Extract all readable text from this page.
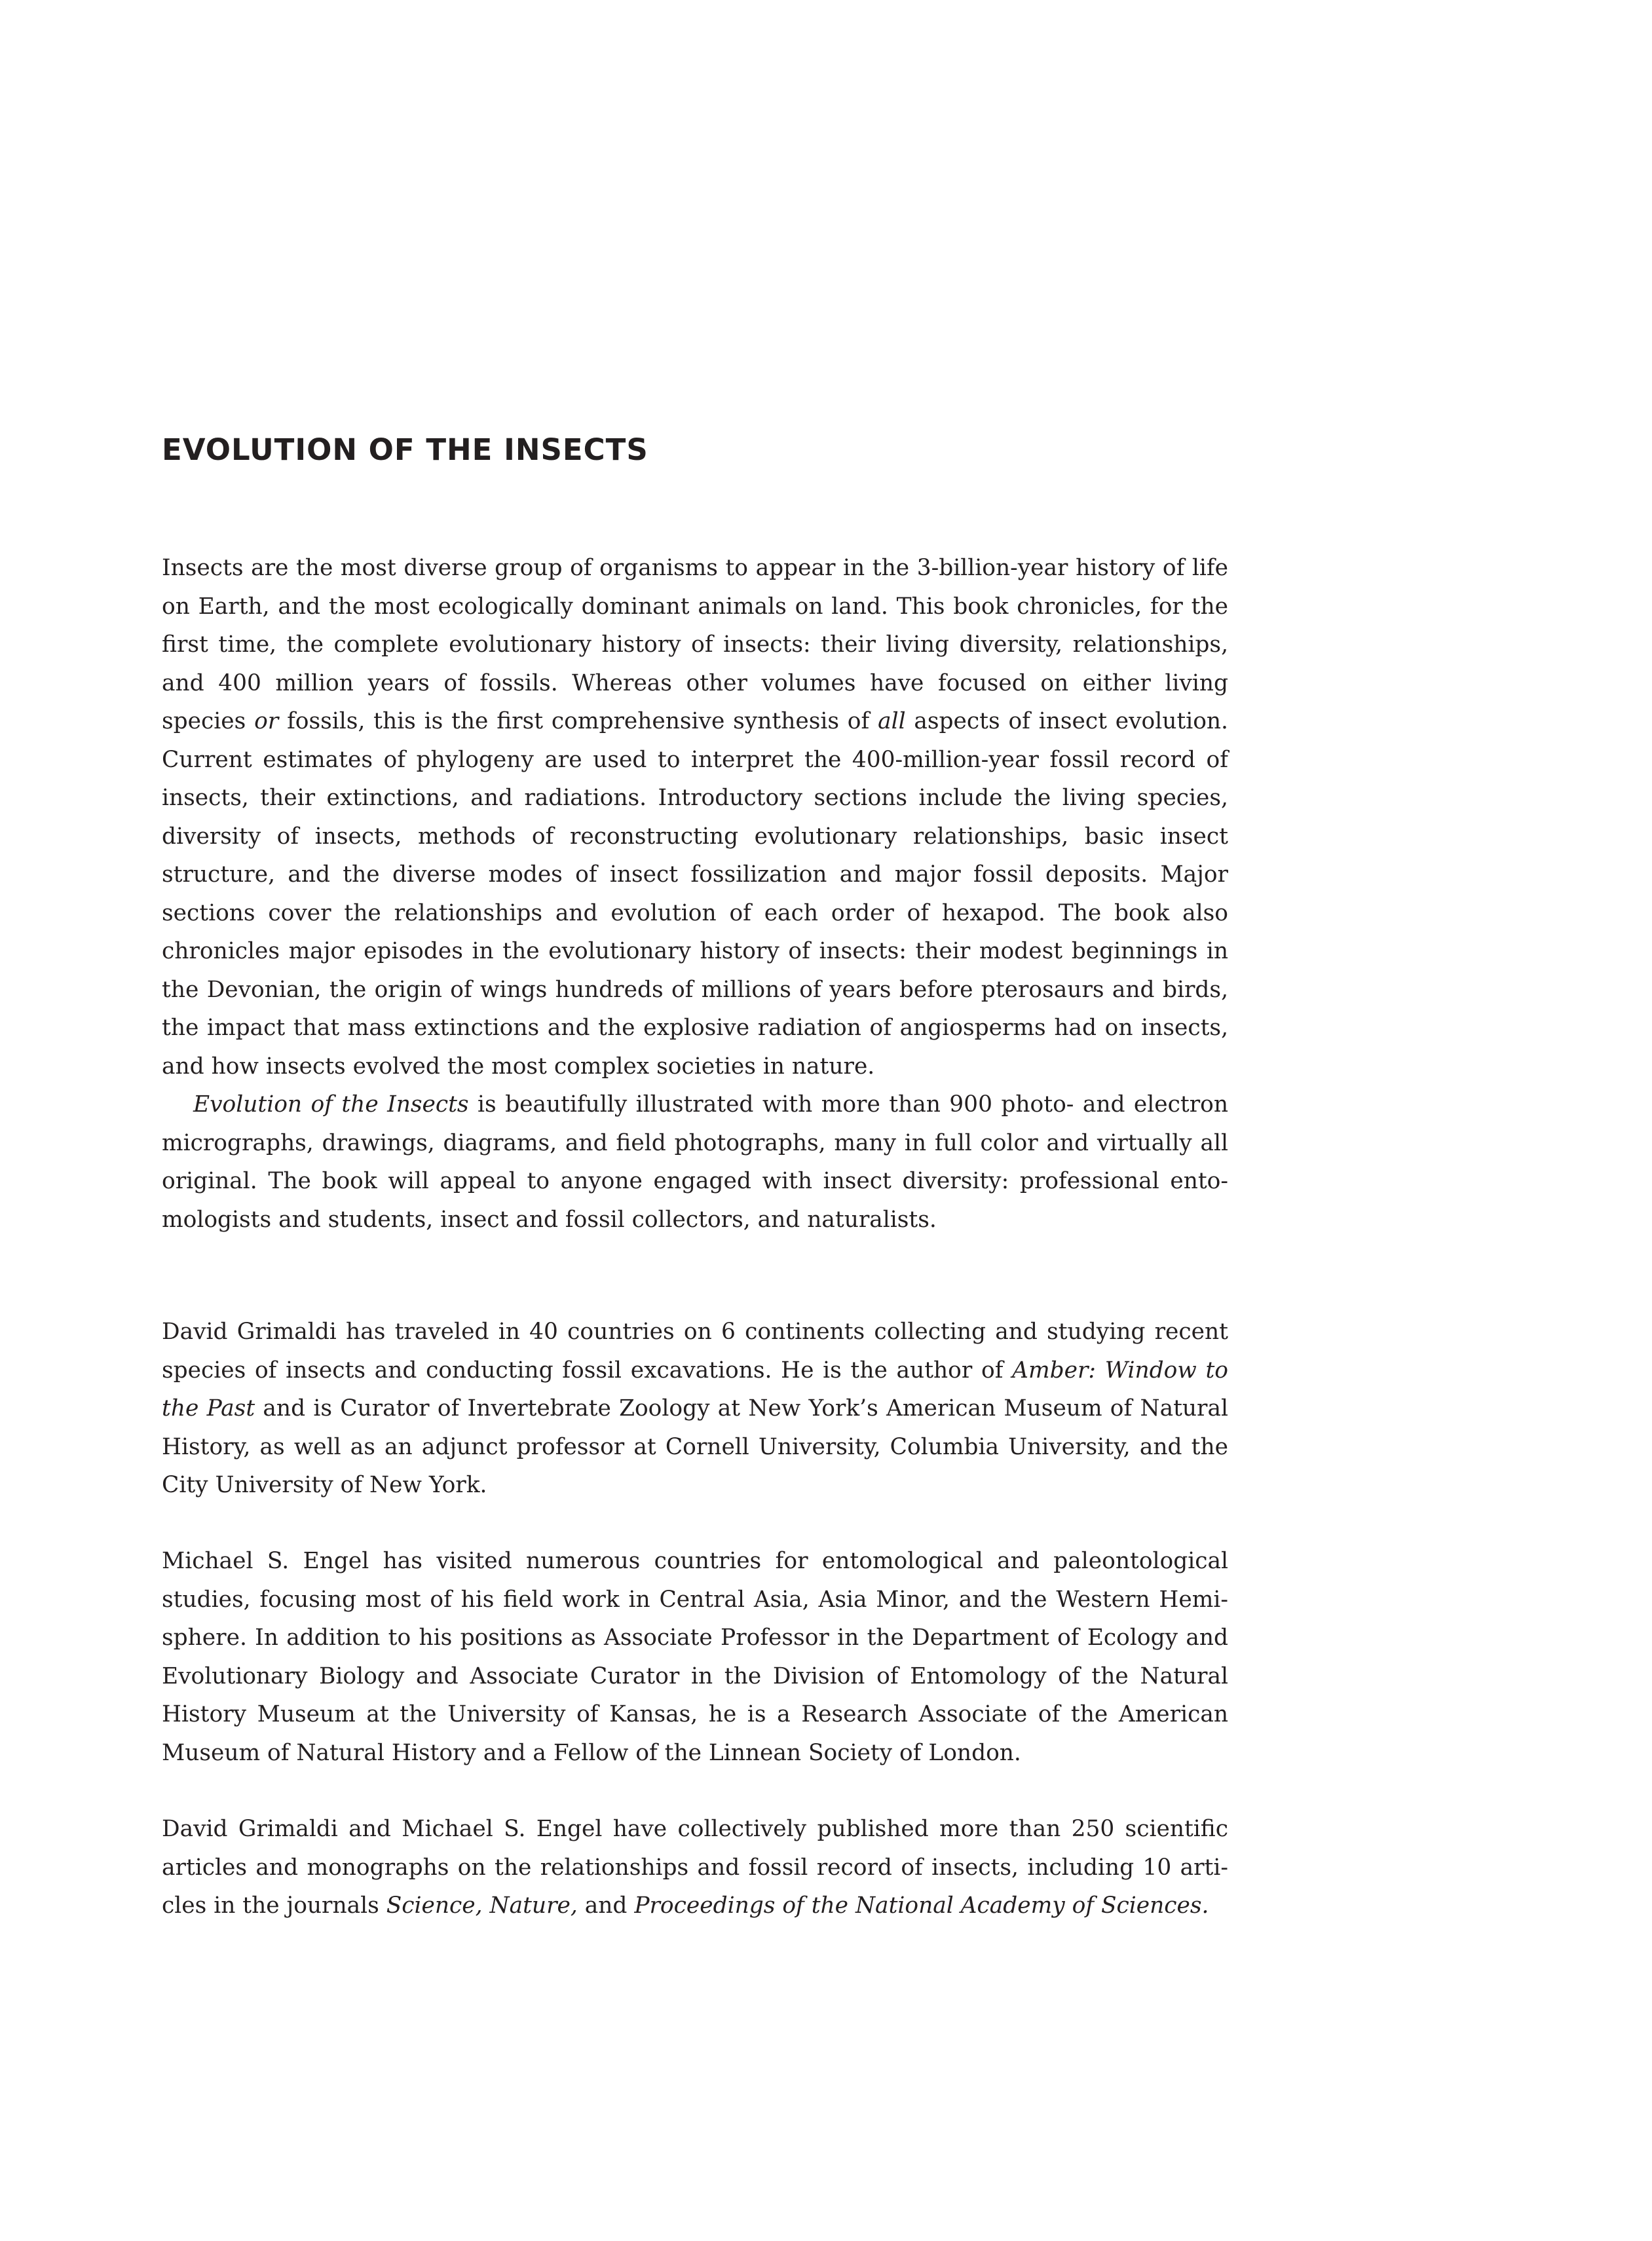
EVOLUTION OF THE INSECTS

Insects are the most diverse group of organisms to appear in the 3-billion-year history of life on Earth, and the most ecologically dominant animals on land. This book chronicles, for the first time, the complete evolutionary history of insects: their living diversity, relationships, and 400 million years of fossils. Whereas other volumes have focused on either living species or fossils, this is the first comprehensive synthesis of all aspects of insect evolution. Current estimates of phylogeny are used to interpret the 400-million-year fossil record of insects, their extinctions, and radiations. Introductory sections include the living species, diversity of insects, methods of reconstructing evolutionary relationships, basic insect structure, and the diverse modes of insect fossilization and major fossil deposits. Major sections cover the relationships and evolution of each order of hexapod. The book also chronicles major episodes in the evolutionary history of insects: their modest beginnings in the Devonian, the origin of wings hundreds of millions of years before pterosaurs and birds, the impact that mass extinctions and the explosive radiation of angiosperms had on insects, and how insects evolved the most complex societies in nature.

Evolution of the Insects is beautifully illustrated with more than 900 photo- and electron micrographs, drawings, diagrams, and field photographs, many in full color and virtually all original. The book will appeal to anyone engaged with insect diversity: professional ento-mologists and students, insect and fossil collectors, and naturalists.

David Grimaldi has traveled in 40 countries on 6 continents collecting and studying recent species of insects and conducting fossil excavations. He is the author of Amber: Window to the Past and is Curator of Invertebrate Zoology at New York’s American Museum of Natural History, as well as an adjunct professor at Cornell University, Columbia University, and the City University of New York.

Michael S. Engel has visited numerous countries for entomological and paleontological studies, focusing most of his field work in Central Asia, Asia Minor, and the Western Hemi-sphere. In addition to his positions as Associate Professor in the Department of Ecology and Evolutionary Biology and Associate Curator in the Division of Entomology of the Natural History Museum at the University of Kansas, he is a Research Associate of the American Museum of Natural History and a Fellow of the Linnean Society of London.

David Grimaldi and Michael S. Engel have collectively published more than 250 scientific articles and monographs on the relationships and fossil record of insects, including 10 arti-cles in the journals Science, Nature, and Proceedings of the National Academy of Sciences.
